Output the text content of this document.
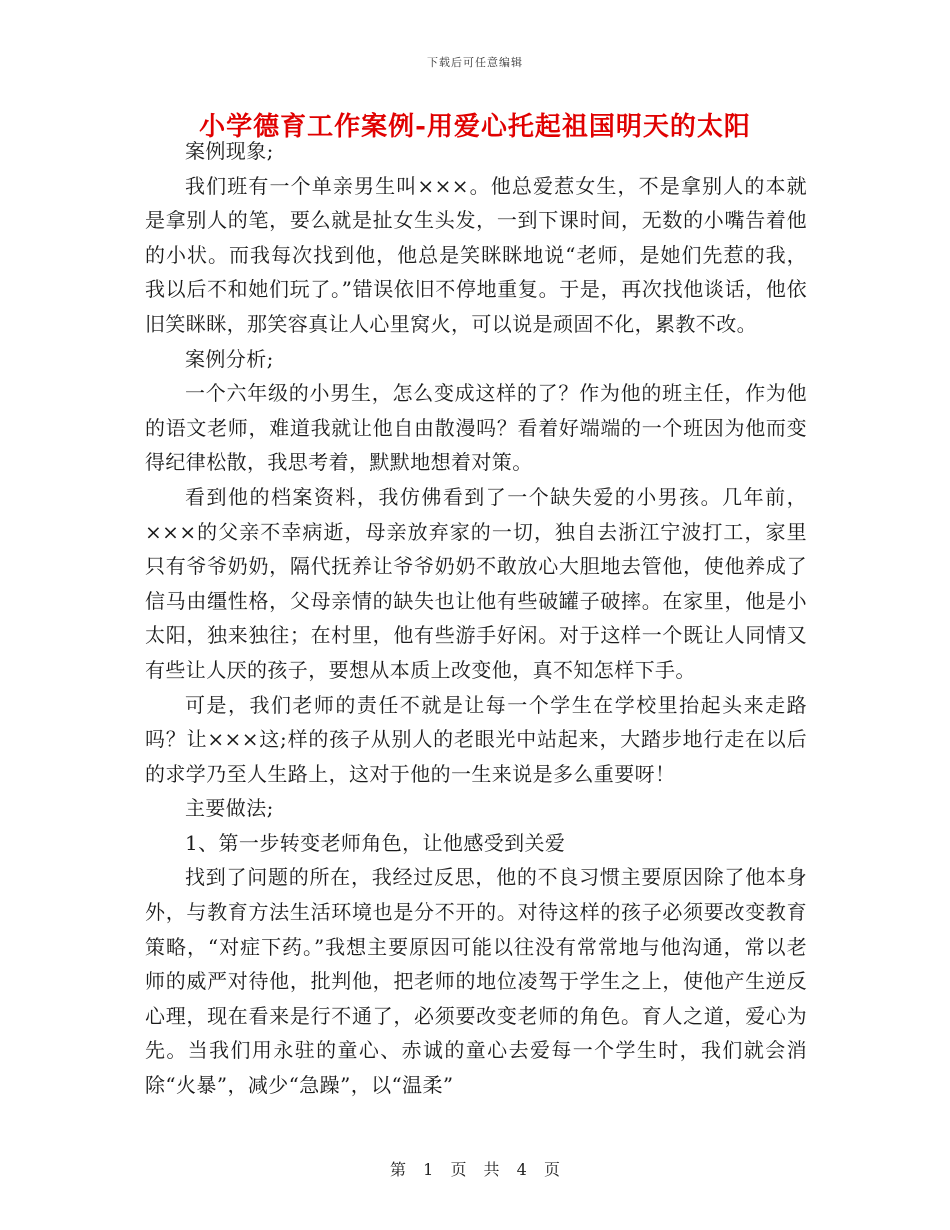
下载后可任意编辑
小学德育工作案例-用爱心托起祖国明天的太阳

案例现象;

我们班有一个单亲男生叫×××。他总爱惹女生，不是拿别人的本就是拿别人的笔，要么就是扯女生头发，一到下课时间，无数的小嘴告着他的小状。而我每次找到他，他总是笑眯眯地说“老师，是她们先惹的我，我以后不和她们玩了。”错误依旧不停地重复。于是，再次找他谈话，他依旧笑眯眯，那笑容真让人心里窝火，可以说是顽固不化，累教不改。

案例分析;

一个六年级的小男生，怎么变成这样的了？作为他的班主任，作为他的语文老师，难道我就让他自由散漫吗？看着好端端的一个班因为他而变得纪律松散，我思考着，默默地想着对策。

看到他的档案资料，我仿佛看到了一个缺失爱的小男孩。几年前，×××的父亲不幸病逝，母亲放弃家的一切，独自去浙江宁波打工，家里只有爷爷奶奶，隔代抚养让爷爷奶奶不敢放心大胆地去管他，使他养成了信马由缰性格，父母亲情的缺失也让他有些破罐子破摔。在家里，他是小太阳，独来独往；在村里，他有些游手好闲。对于这样一个既让人同情又有些让人厌的孩子，要想从本质上改变他，真不知怎样下手。

可是，我们老师的责任不就是让每一个学生在学校里抬起头来走路吗？让×××这;样的孩子从别人的老眼光中站起来，大踏步地行走在以后的求学乃至人生路上，这对于他的一生来说是多么重要呀！

主要做法;

1、第一步转变老师角色，让他感受到关爱

找到了问题的所在，我经过反思，他的不良习惯主要原因除了他本身外，与教育方法生活环境也是分不开的。对待这样的孩子必须要改变教育策略，“对症下药。”我想主要原因可能以往没有常常地与他沟通，常以老师的威严对待他，批判他，把老师的地位凌驾于学生之上，使他产生逆反心理，现在看来是行不通了，必须要改变老师的角色。育人之道，爱心为先。当我们用永驻的童心、赤诚的童心去爱每一个学生时，我们就会消除“火暴”，减少“急躁”，以“温柔”

第 1 页 共 4 页
